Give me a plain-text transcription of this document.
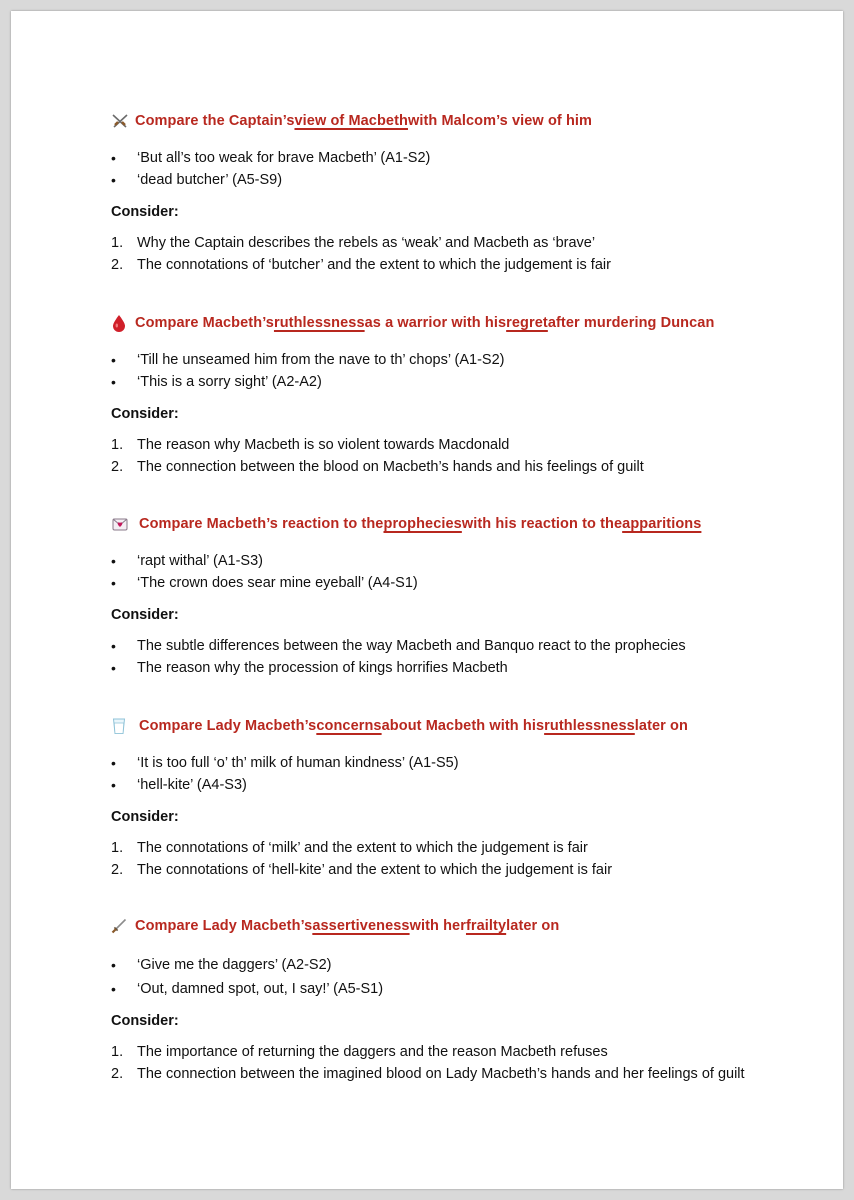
Compare the Captain’s view of Macbeth with Malcom’s view of him
• ‘But all’s too weak for brave Macbeth’ (A1-S2)
• ‘dead butcher’ (A5-S9)
Consider:
1. Why the Captain describes the rebels as ‘weak’ and Macbeth as ‘brave’
2. The connotations of ‘butcher’ and the extent to which the judgement is fair
Compare Macbeth’s ruthlessness as a warrior with his regret after murdering Duncan
• ‘Till he unseamed him from the nave to th’ chops’ (A1-S2)
• ‘This is a sorry sight’ (A2-A2)
Consider:
1. The reason why Macbeth is so violent towards Macdonald
2. The connection between the blood on Macbeth’s hands and his feelings of guilt
Compare Macbeth’s reaction to the prophecies with his reaction to the apparitions
• ‘rapt withal’ (A1-S3)
• ‘The crown does sear mine eyeball’ (A4-S1)
Consider:
• The subtle differences between the way Macbeth and Banquo react to the prophecies
• The reason why the procession of kings horrifies Macbeth
Compare Lady Macbeth’s concerns about Macbeth with his ruthlessness later on
• ‘It is too full ‘o’ th’ milk of human kindness’ (A1-S5)
• ‘hell-kite’ (A4-S3)
Consider:
1. The connotations of ‘milk’ and the extent to which the judgement is fair
2. The connotations of ‘hell-kite’ and the extent to which the judgement is fair
Compare Lady Macbeth’s assertiveness with her frailty later on
• ‘Give me the daggers’ (A2-S2)
• ‘Out, damned spot, out, I say!’ (A5-S1)
Consider:
1. The importance of returning the daggers and the reason Macbeth refuses
2. The connection between the imagined blood on Lady Macbeth’s hands and her feelings of guilt
